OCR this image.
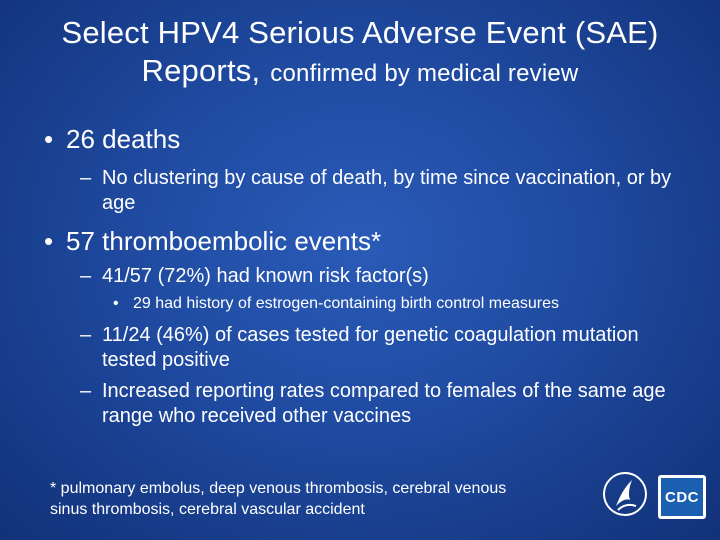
Select HPV4 Serious Adverse Event (SAE)
Reports, confirmed by medical review
• 26 deaths
– No clustering by cause of death, by time since vaccination, or by age
• 57 thromboembolic events*
– 41/57 (72%) had known risk factor(s)
• 29 had history of estrogen-containing birth control measures
– 11/24 (46%) of cases tested for genetic coagulation mutation tested positive
– Increased reporting rates compared to females of the same age range who received other vaccines
* pulmonary embolus, deep venous thrombosis, cerebral venous sinus thrombosis, cerebral vascular accident
CDC
